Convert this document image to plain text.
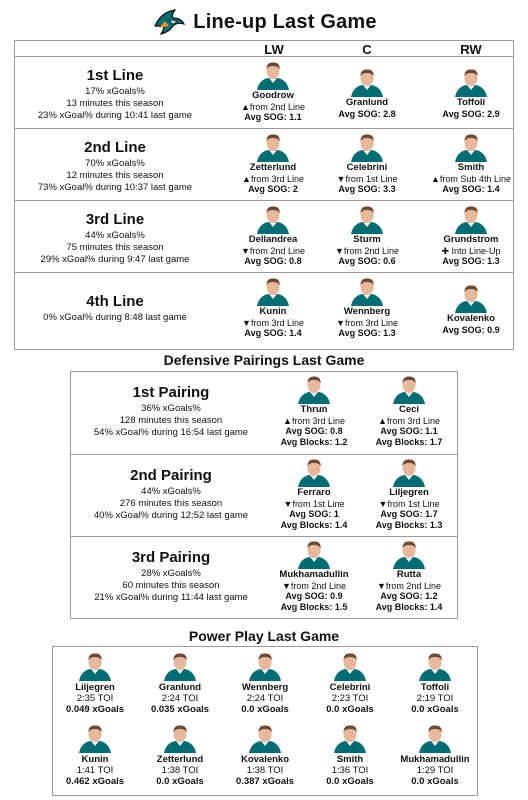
Line-up Last Game
LW	C	RW
1st Line
17% xGoals%
13 minutes this season
23% xGoal% during 10:41 last game
Goodrow
▲from 2nd Line
Avg SOG: 1.1
Granlund
Avg SOG: 2.8
Toffoli
Avg SOG: 2.9
2nd Line
70% xGoals%
12 minutes this season
73% xGoal% during 10:37 last game
Zetterlund
▲from 3rd Line
Avg SOG: 2
Celebrini
▼from 1st Line
Avg SOG: 3.3
Smith
▲from Sub 4th Line
Avg SOG: 1.4
3rd Line
44% xGoals%
75 minutes this season
29% xGoal% during 9:47 last game
Dellandrea
▼from 2nd Line
Avg SOG: 0.8
Sturm
▼from 2nd Line
Avg SOG: 0.6
Grundstrom
✚ Into Line-Up
Avg SOG: 1.3
4th Line
0% xGoal% during 8:48 last game
Kunin
▼from 3rd Line
Avg SOG: 1.4
Wennberg
▼from 3rd Line
Avg SOG: 1.3
Kovalenko
Avg SOG: 0.9
Defensive Pairings Last Game
1st Pairing
36% xGoals%
128 minutes this season
54% xGoal% during 16:54 last game
Thrun
▲from 3rd Line
Avg SOG: 0.8
Avg Blocks: 1.2
Ceci
▲from 3rd Line
Avg SOG: 1.1
Avg Blocks: 1.7
2nd Pairing
44% xGoals%
276 minutes this season
40% xGoal% during 12:52 last game
Ferraro
▼from 1st Line
Avg SOG: 1
Avg Blocks: 1.4
Liljegren
▼from 1st Line
Avg SOG: 1.7
Avg Blocks: 1.3
3rd Pairing
28% xGoals%
60 minutes this season
21% xGoal% during 11:44 last game
Mukhamadullin
▼from 2nd Line
Avg SOG: 0.9
Avg Blocks: 1.5
Rutta
▼from 2nd Line
Avg SOG: 1.2
Avg Blocks: 1.4
Power Play Last Game
Liljegren
2:35 TOI
0.049 xGoals
Granlund
2:24 TOI
0.035 xGoals
Wennberg
2:24 TOI
0.0 xGoals
Celebrini
2:23 TOI
0.0 xGoals
Toffoli
2:19 TOI
0.0 xGoals
Kunin
1:41 TOI
0.462 xGoals
Zetterlund
1:38 TOI
0.0 xGoals
Kovalenko
1:38 TOI
0.387 xGoals
Smith
1:36 TOI
0.0 xGoals
Mukhamadullin
1:29 TOI
0.0 xGoals
